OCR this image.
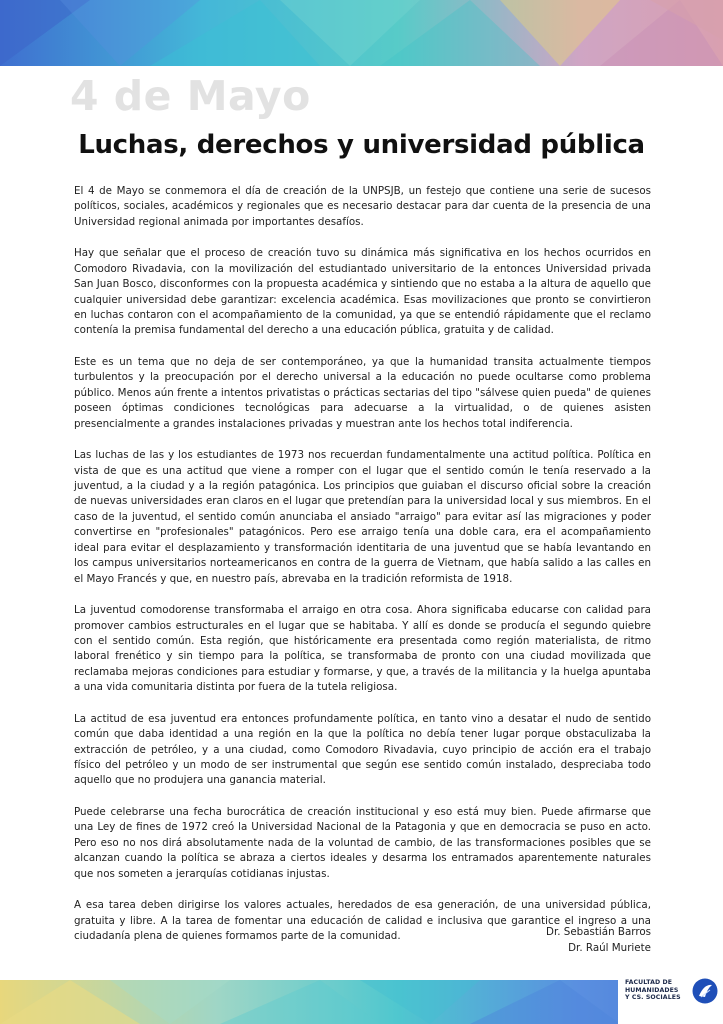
4 de Mayo
Luchas, derechos y universidad pública

El 4 de Mayo se conmemora el día de creación de la UNPSJB, un festejo que contiene una serie de sucesos políticos, sociales, académicos y regionales que es necesario destacar para dar cuenta de la presencia de una Universidad regional animada por importantes desafíos.

Hay que señalar que el proceso de creación tuvo su dinámica más significativa en los hechos ocurridos en Comodoro Rivadavia, con la movilización del estudiantado universitario de la entonces Universidad privada San Juan Bosco, disconformes con la propuesta académica y sintiendo que no estaba a la altura de aquello que cualquier universidad debe garantizar: excelencia académica. Esas movilizaciones que pronto se convirtieron en luchas contaron con el acompañamiento de la comunidad, ya que se entendió rápidamente que el reclamo contenía la premisa fundamental del derecho a una educación pública, gratuita y de calidad.

Este es un tema que no deja de ser contemporáneo, ya que la humanidad transita actualmente tiempos turbulentos y la preocupación por el derecho universal a la educación no puede ocultarse como problema público. Menos aún frente a intentos privatistas o prácticas sectarias del tipo "sálvese quien pueda" de quienes poseen óptimas condiciones tecnológicas para adecuarse a la virtualidad, o de quienes asisten presencialmente a grandes instalaciones privadas y muestran ante los hechos total indiferencia.

Las luchas de las y los estudiantes de 1973 nos recuerdan fundamentalmente una actitud política. Política en vista de que es una actitud que viene a romper con el lugar que el sentido común le tenía reservado a la juventud, a la ciudad y a la región patagónica. Los principios que guiaban el discurso oficial sobre la creación de nuevas universidades eran claros en el lugar que pretendían para la universidad local y sus miembros. En el caso de la juventud, el sentido común anunciaba el ansiado "arraigo" para evitar así las migraciones y poder convertirse en "profesionales" patagónicos. Pero ese arraigo tenía una doble cara, era el acompañamiento ideal para evitar el desplazamiento y transformación identitaria de una juventud que se había levantando en los campus universitarios norteamericanos en contra de la guerra de Vietnam, que había salido a las calles en el Mayo Francés y que, en nuestro país, abrevaba en la tradición reformista de 1918.

La juventud comodorense transformaba el arraigo en otra cosa. Ahora significaba educarse con calidad para promover cambios estructurales en el lugar que se habitaba. Y allí es donde se producía el segundo quiebre con el sentido común. Esta región, que históricamente era presentada como región materialista, de ritmo laboral frenético y sin tiempo para la política, se transformaba de pronto con una ciudad movilizada que reclamaba mejoras condiciones para estudiar y formarse, y que, a través de la militancia y la huelga apuntaba a una vida comunitaria distinta por fuera de la tutela religiosa.

La actitud de esa juventud era entonces profundamente política, en tanto vino a desatar el nudo de sentido común que daba identidad a una región en la que la política no debía tener lugar porque obstaculizaba la extracción de petróleo, y a una ciudad, como Comodoro Rivadavia, cuyo principio de acción era el trabajo físico del petróleo y un modo de ser instrumental que según ese sentido común instalado, despreciaba todo aquello que no produjera una ganancia material.

Puede celebrarse una fecha burocrática de creación institucional y eso está muy bien. Puede afirmarse que una Ley de fines de 1972 creó la Universidad Nacional de la Patagonia y que en democracia se puso en acto. Pero eso no nos dirá absolutamente nada de la voluntad de cambio, de las transformaciones posibles que se alcanzan cuando la política se abraza a ciertos ideales y desarma los entramados aparentemente naturales que nos someten a jerarquías cotidianas injustas.

A esa tarea deben dirigirse los valores actuales, heredados de esa generación, de una universidad pública, gratuita y libre. A la tarea de fomentar una educación de calidad e inclusiva que garantice el ingreso a una ciudadanía plena de quienes formamos parte de la comunidad.	Dr. Sebastián Barros
Dr. Raúl Muriete
FACULTAD DE
HUMANIDADES
Y CS. SOCIALES
